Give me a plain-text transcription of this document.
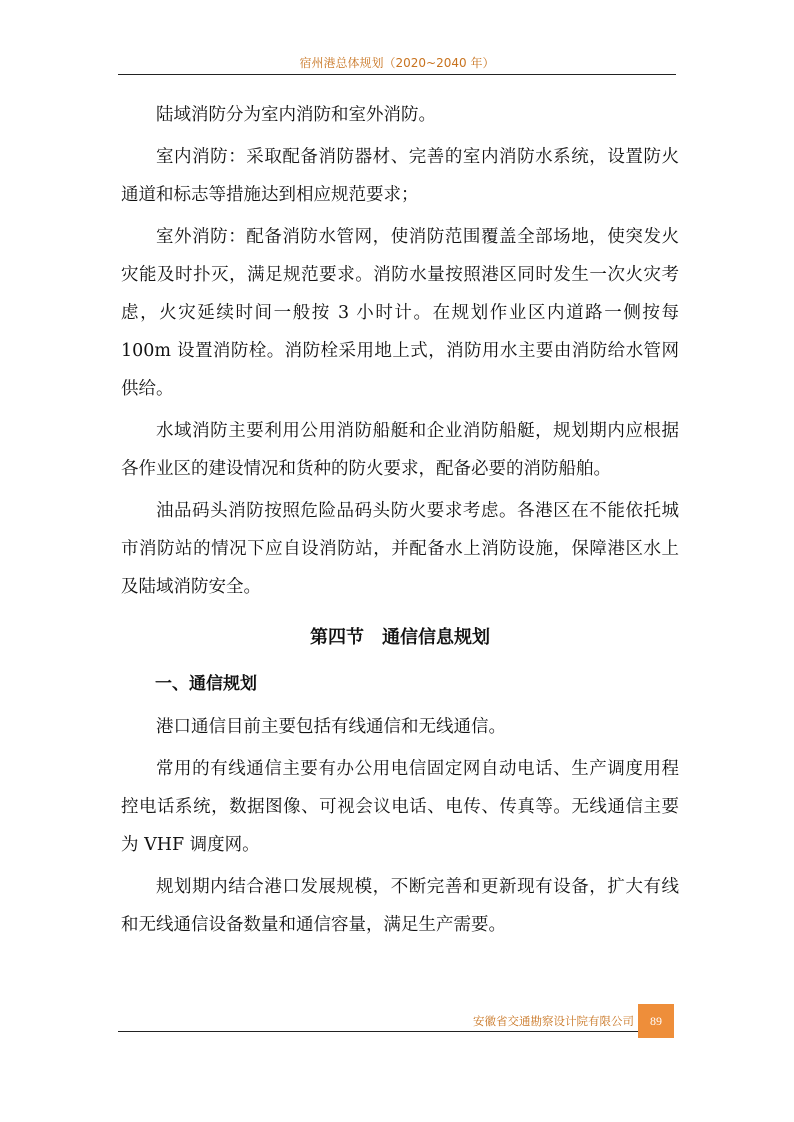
宿州港总体规划（2020~2040 年）

陆域消防分为室内消防和室外消防。

室内消防：采取配备消防器材、完善的室内消防水系统，设置防火通道和标志等措施达到相应规范要求；

室外消防：配备消防水管网，使消防范围覆盖全部场地，使突发火灾能及时扑灭，满足规范要求。消防水量按照港区同时发生一次火灾考虑，火灾延续时间一般按 3 小时计。在规划作业区内道路一侧按每 100m 设置消防栓。消防栓采用地上式，消防用水主要由消防给水管网供给。

水域消防主要利用公用消防船艇和企业消防船艇，规划期内应根据各作业区的建设情况和货种的防火要求，配备必要的消防船舶。

油品码头消防按照危险品码头防火要求考虑。各港区在不能依托城市消防站的情况下应自设消防站，并配备水上消防设施，保障港区水上及陆域消防安全。

第四节　通信信息规划
一、通信规划

港口通信目前主要包括有线通信和无线通信。

常用的有线通信主要有办公用电信固定网自动电话、生产调度用程控电话系统，数据图像、可视会议电话、电传、传真等。无线通信主要为 VHF 调度网。

规划期内结合港口发展规模，不断完善和更新现有设备，扩大有线和无线通信设备数量和通信容量，满足生产需要。

安徽省交通勘察设计院有限公司 89
